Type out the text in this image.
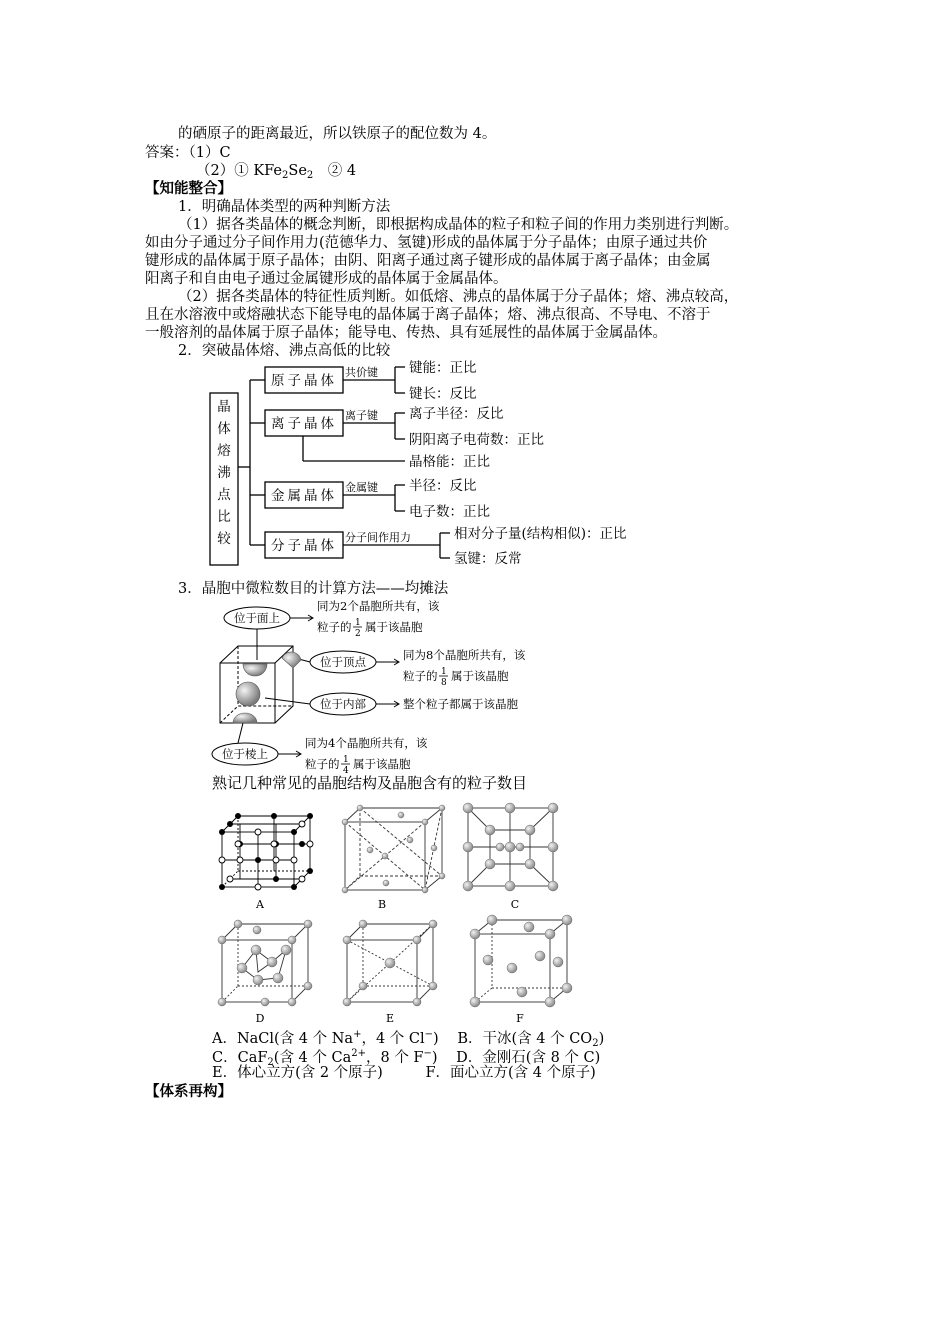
的硒原子的距离最近，所以铁原子的配位数为 4。
答案：（1）C
（2）① $KFe_2Se_2$　② 4
【知能整合】
1．明确晶体类型的两种判断方法
（1）据各类晶体的概念判断，即根据构成晶体的粒子和粒子间的作用力类别进行判断。
如由分子通过分子间作用力(范德华力、氢键)形成的晶体属于分子晶体；由原子通过共价
键形成的晶体属于原子晶体；由阴、阳离子通过离子键形成的晶体属于离子晶体；由金属
阳离子和自由电子通过金属键形成的晶体属于金属晶体。
（2）据各类晶体的特征性质判断。如低熔、沸点的晶体属于分子晶体；熔、沸点较高，
且在水溶液中或熔融状态下能导电的晶体属于离子晶体；熔、沸点很高、不导电、不溶于
一般溶剂的晶体属于原子晶体；能导电、传热、具有延展性的晶体属于金属晶体。
2．突破晶体熔、沸点高低的比较
晶
体
熔
沸
点
比
较
原子晶体
共价键 键能：正比
键长：反比
离子晶体
离子键 离子半径：反比
阴阳离子电荷数：正比
晶格能：正比
金属晶体
金属键 半径：反比
电子数：正比
分子晶体
分子间作用力	相对分子量(结构相似)：正比
氢键：反常
3．晶胞中微粒数目的计算方法——均摊法
位于面上
位于顶点
位于内部
位于棱上
同为2个晶胞所共有，该
粒子的 1
2 属于该晶胞
同为8个晶胞所共有，该
粒子的 1
8 属于该晶胞
整个粒子都属于该晶胞
同为4个晶胞所共有，该
粒子的 1
4 属于该晶胞
熟记几种常见的晶胞结构及晶胞含有的粒子数目
A	B	C
D	E	F
A．NaCl(含 4 个 Na+，4 个 Cl−) B．干冰(含 4 个 $CO_2$)
C．CaF$_2$(含 4 个 $Ca^{2+}$，8 个 F−) D．金刚石(含 8 个 C)
E．体心立方(含 2 个原子)	F．面心立方(含 4 个原子)
【体系再构】
